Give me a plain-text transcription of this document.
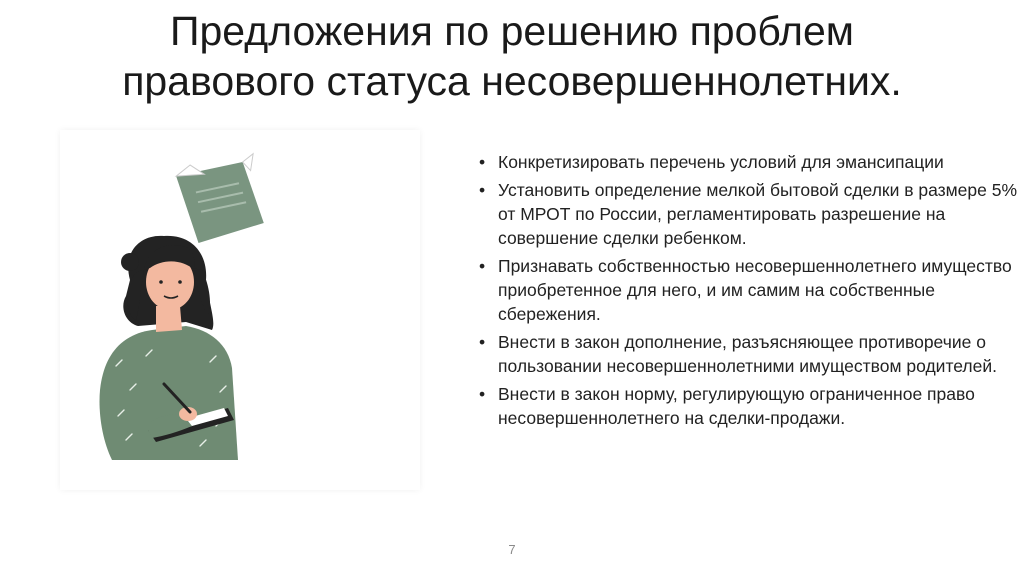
Предложения по решению проблем
правового статуса несовершеннолетних.
• Конкретизировать перечень условий для эмансипации
• Установить определение мелкой бытовой сделки в размере 5% от МРОТ по России, регламентировать разрешение на совершение сделки ребенком.
• Признавать собственностью несовершеннолетнего имущество приобретенное для него, и им самим на собственные сбережения.
• Внести в закон дополнение, разъясняющее противоречие о пользовании несовершеннолетними имуществом родителей.
• Внести в закон норму, регулирующую ограниченное право несовершеннолетнего на сделки-продажи.
7
